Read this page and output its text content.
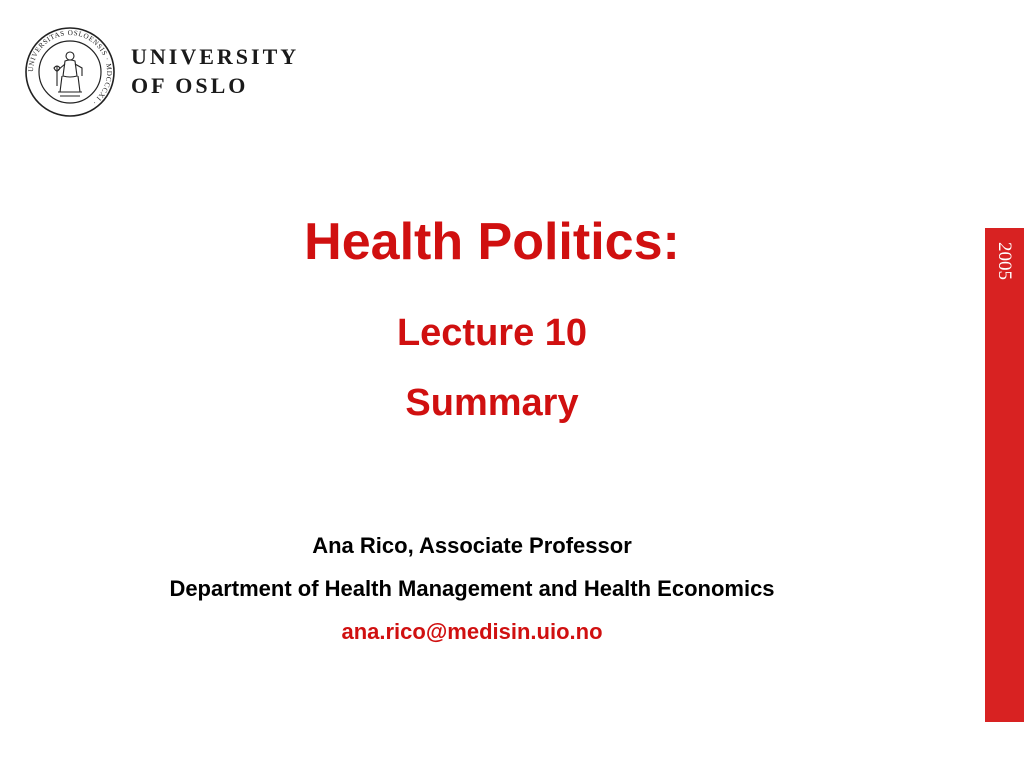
UNIVERSITAS OSLOENSIS · MDCCCXI ·
UNIVERSITY
OF OSLO
Health Politics:
Lecture 10
Summary

Ana Rico, Associate Professor

Department of Health Management and Health Economics

ana.rico@medisin.uio.no

2005
